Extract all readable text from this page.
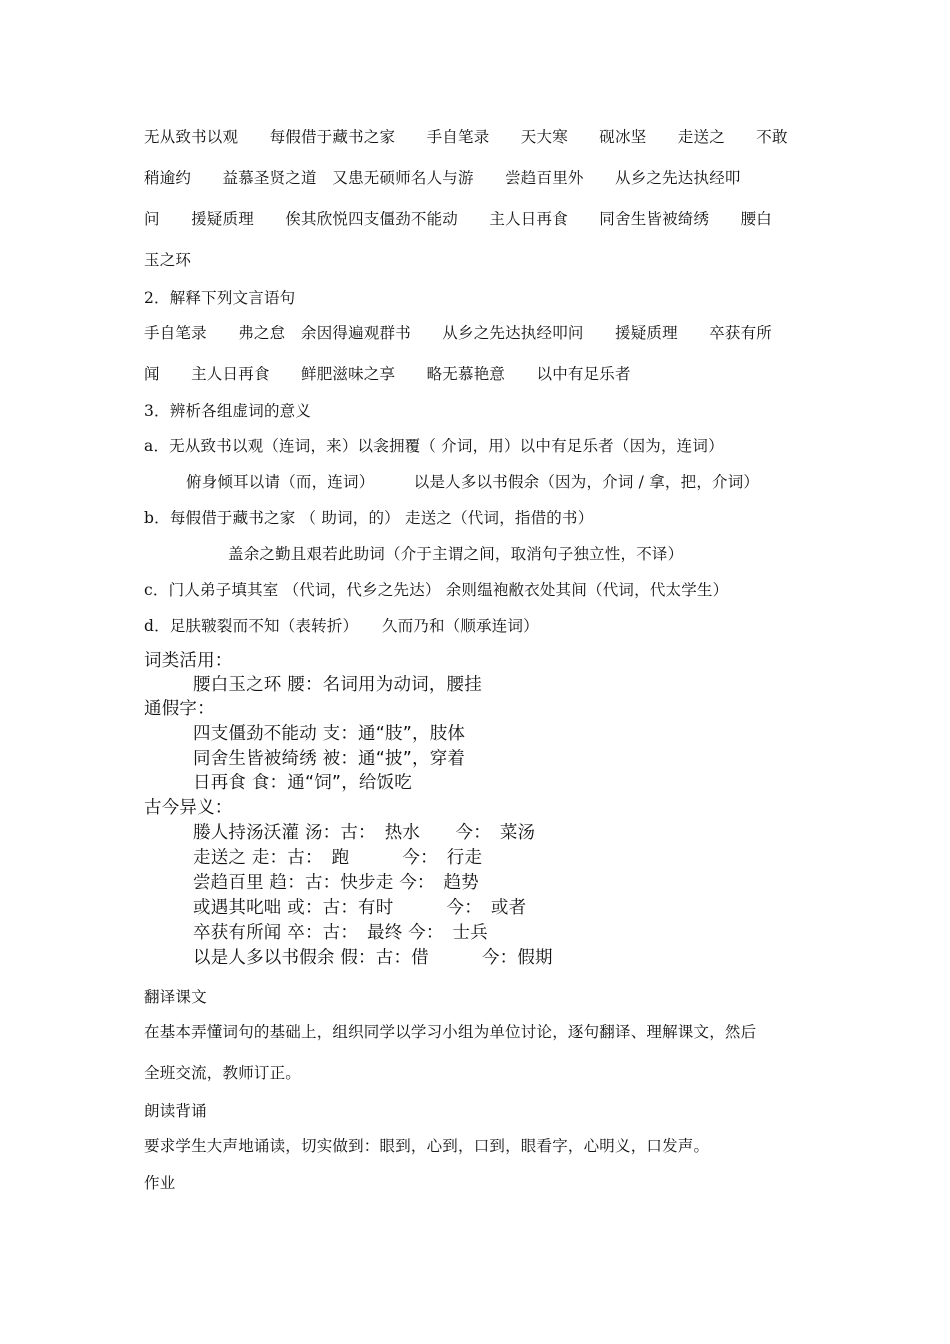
无从致书以观　　每假借于藏书之家　　手自笔录　　天大寒　　砚冰坚　　走送之　　不敢
稍逾约　　益慕圣贤之道　又患无硕师名人与游　　尝趋百里外　　从乡之先达执经叩
问　　援疑质理　　俟其欣悦四支僵劲不能动　　主人日再食　　同舍生皆被绮绣　　腰白
玉之环
2．解释下列文言语句
手自笔录　　弗之怠　余因得遍观群书　　从乡之先达执经叩问　　援疑质理　　卒获有所
闻　　主人日再食　　鲜肥滋味之享　　略无慕艳意　　以中有足乐者
3．辨析各组虚词的意义
a．无从致书以观（连词，来）以衾拥覆（ 介词，用）以中有足乐者（因为，连词）
俯身倾耳以请（而，连词）　　　以是人多以书假余（因为，介词 / 拿，把，介词）
b．每假借于藏书之家 （ 助词，的） 走送之（代词，指借的书）
盖余之勤且艰若此助词（介于主谓之间，取消句子独立性，不译）
c．门人弟子填其室 （代词，代乡之先达） 余则缊袍敝衣处其间（代词，代太学生）
d．足肤皲裂而不知（表转折）　　久而乃和（顺承连词）
词类活用：
腰白玉之环 腰：名词用为动词，腰挂
通假字：
四支僵劲不能动 支：通“肢”，肢体
同舍生皆被绮绣 被：通“披”，穿着
日再食 食：通“饲”，给饭吃
古今异义：
媵人持汤沃灌 汤：古：　热水　　今：　菜汤
走送之 走：古：　跑　　　今：　行走
尝趋百里 趋：古：快步走 今：　趋势
或遇其叱咄 或：古：有时　　　今：　或者
卒获有所闻 卒：古：　最终 今：　士兵
以是人多以书假余 假：古：借　　　今：假期
翻译课文
在基本弄懂词句的基础上，组织同学以学习小组为单位讨论，逐句翻译、理解课文，然后
全班交流，教师订正。
朗读背诵
要求学生大声地诵读，切实做到：眼到，心到，口到，眼看字，心明义，口发声。
作业
